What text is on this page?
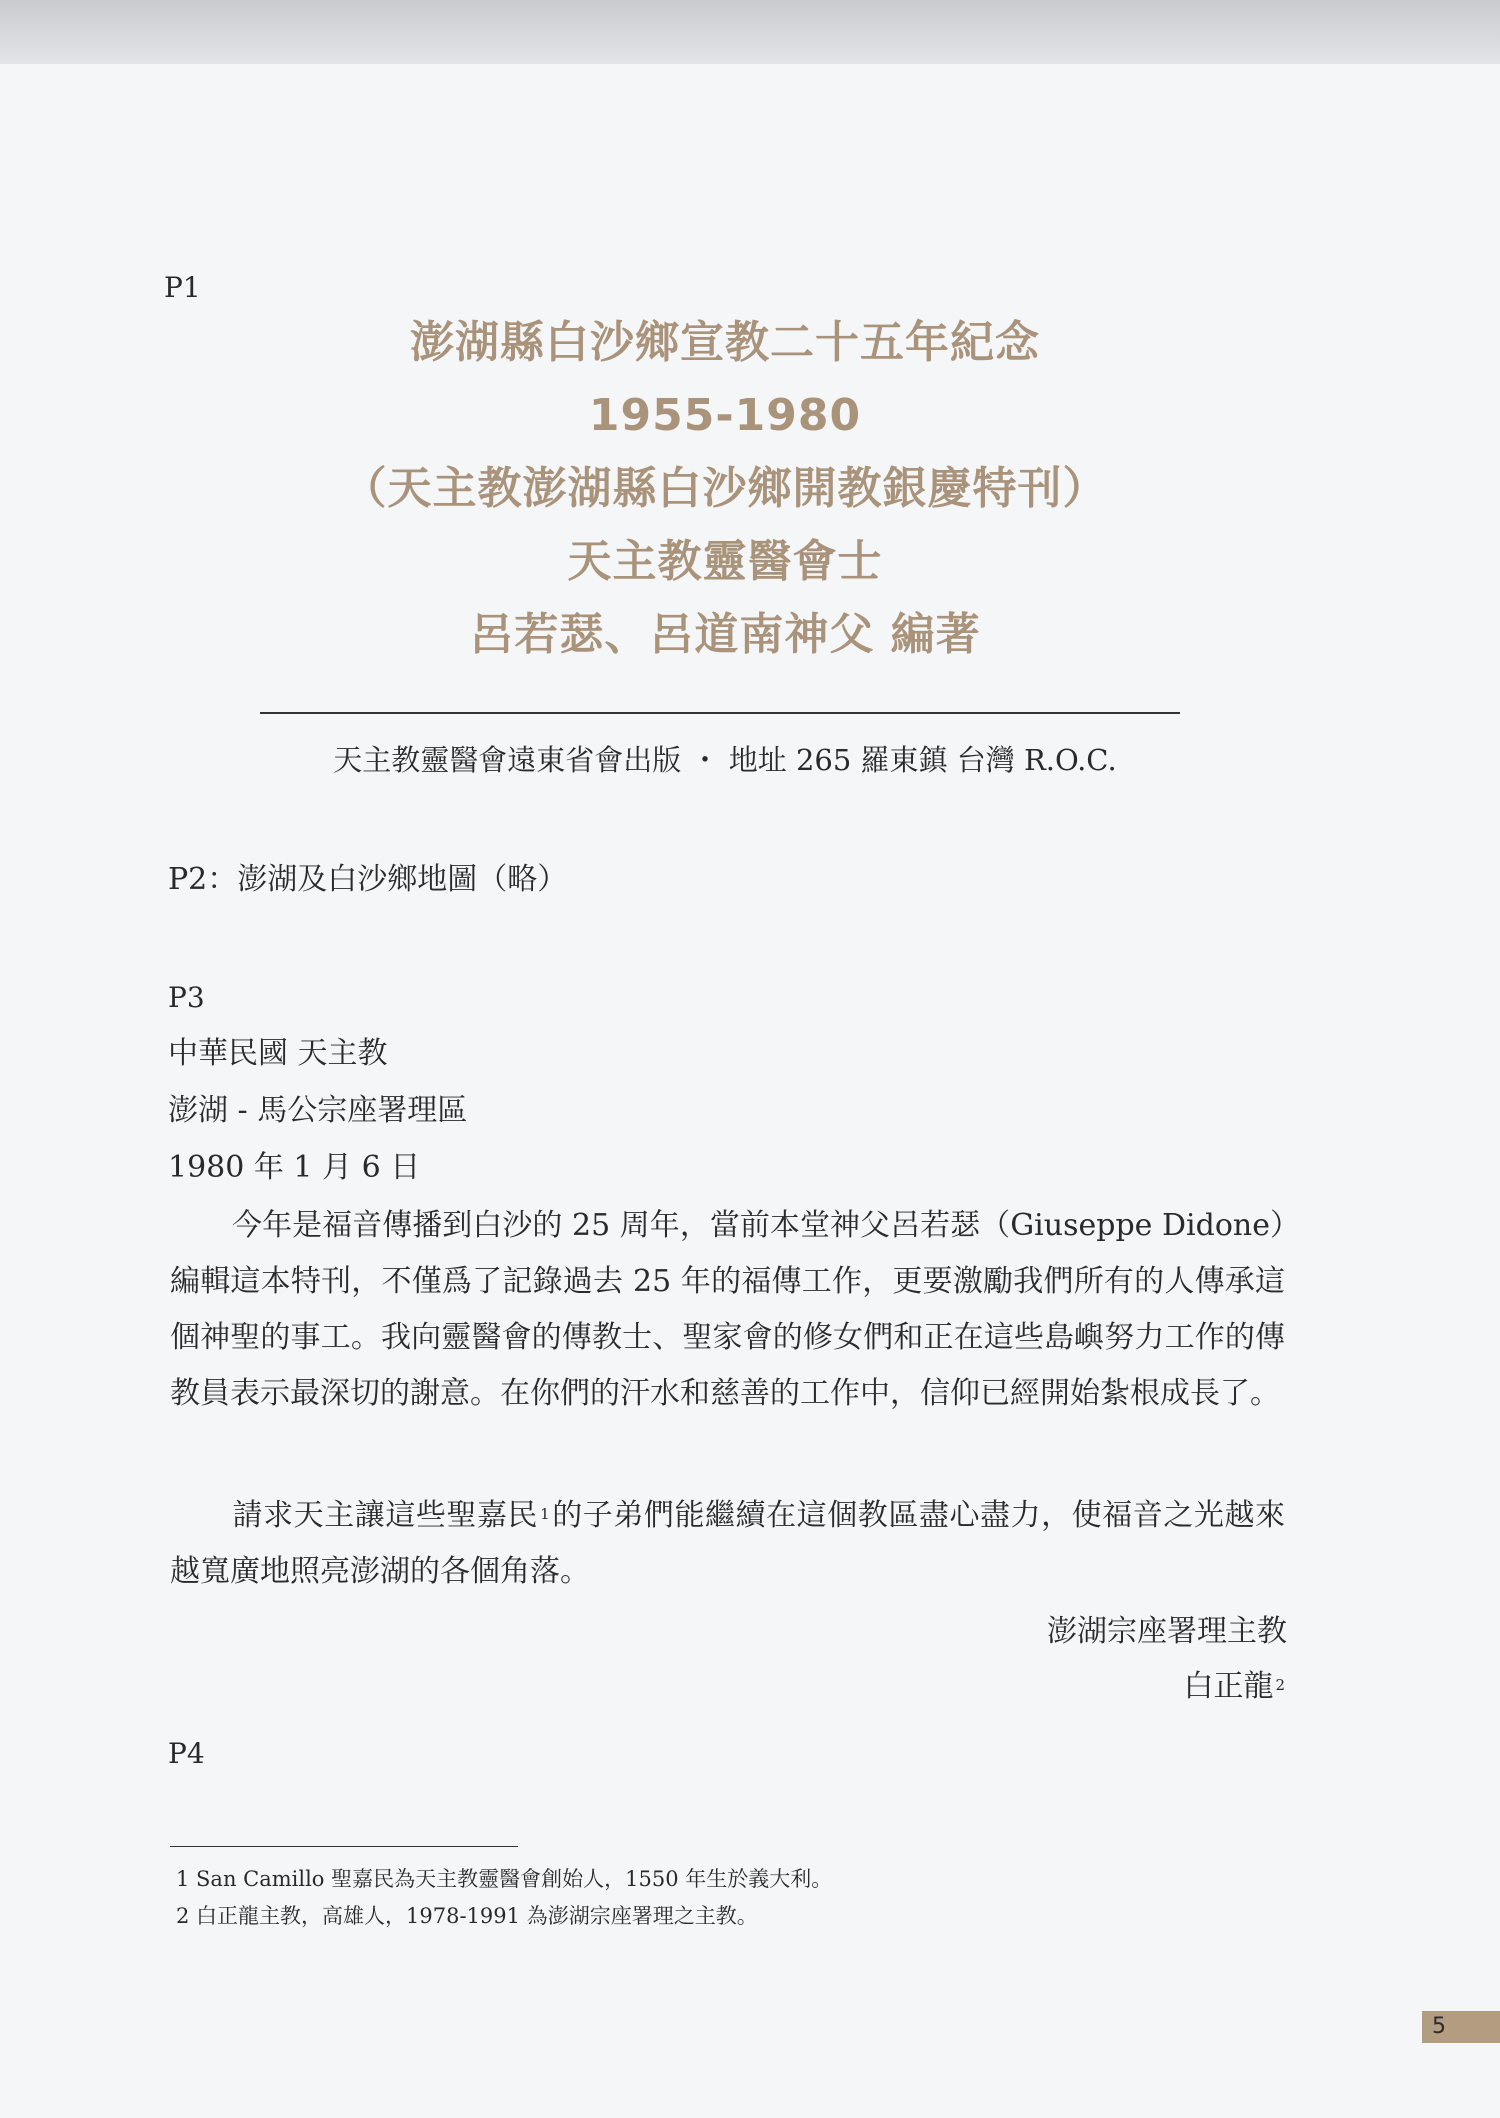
P1
澎湖縣白沙鄉宣教二十五年紀念
1955-1980
（天主教澎湖縣白沙鄉開教銀慶特刊）
天主教靈醫會士
呂若瑟、呂道南神父 編著
天主教靈醫會遠東省會出版 ・ 地址 265 羅東鎮 台灣 R.O.C.
P2：澎湖及白沙鄉地圖（略）
P3
中華民國 天主教
澎湖 - 馬公宗座署理區
1980 年 1 月 6 日
今年是福音傳播到白沙的 25 周年，當前本堂神父呂若瑟（Giuseppe Didone）編輯這本特刊，不僅爲了記錄過去 25 年的福傳工作，更要激勵我們所有的人傳承這個神聖的事工。我向靈醫會的傳教士、聖家會的修女們和正在這些島嶼努力工作的傳教員表示最深切的謝意。在你們的汗水和慈善的工作中，信仰已經開始紮根成長了。
請求天主讓這些聖嘉民 $^1$的子弟們能繼續在這個教區盡心盡力，使福音之光越來越寬廣地照亮澎湖的各個角落。
澎湖宗座署理主教
白正龍 $^2$
P4
1 San Camillo 聖嘉民為天主教靈醫會創始人，1550 年生於義大利。
2 白正龍主教，高雄人，1978-1991 為澎湖宗座署理之主教。
5
